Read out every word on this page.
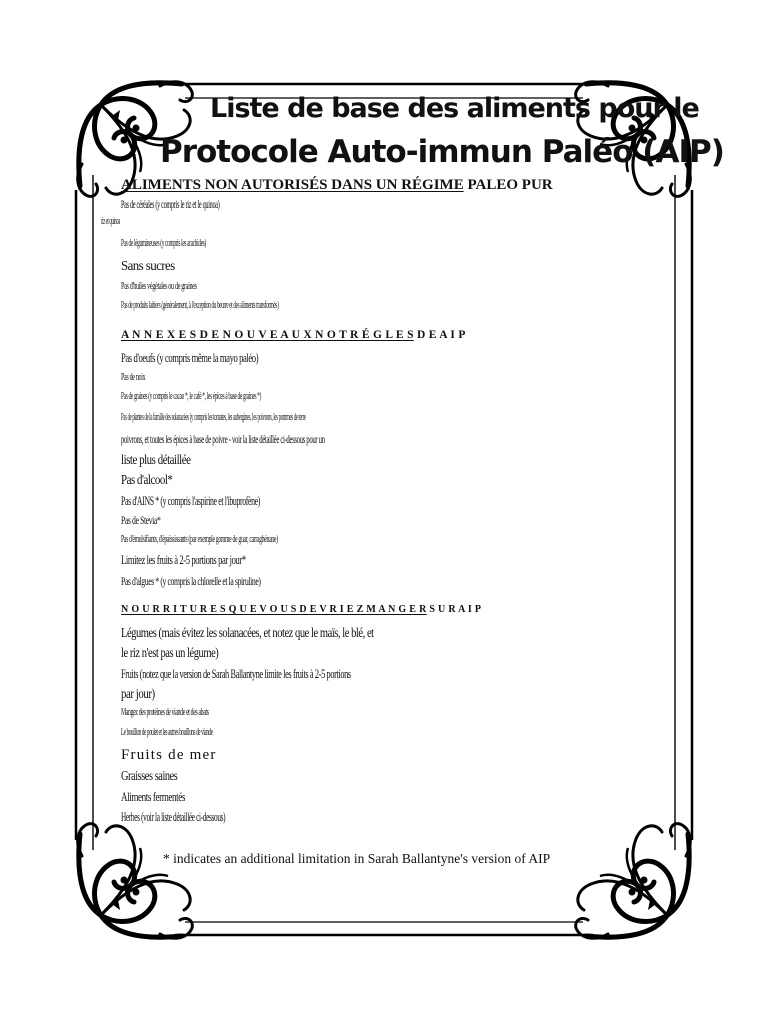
Liste de base des aliments pour le
Protocole Auto-immun Paléo (AIP)
ALIMENTS NON AUTORISÉS DANS UN RÉGIME PALEO PUR
Pas de céréales (y compris le riz et le quinoa)
riz et quinoa
Pas de légumineuses (y compris les arachides)
Sans sucres
Pas d'huiles végétales ou de graines
Pas de produits laitiers (généralement, à l'exception du beurre et des aliments transformés)
A N N E X E S D E N O U V E A U X N O T R É G L E S D E A I P
Pas d'oeufs (y compris même la mayo paléo)
Pas de noix
Pas de graines (y compris le cacao *, le café *, les épices à base de graines *)
Pas de plantes de la famille des solanacées (y compris les tomates, les aubergines, les poivrons, les pommes de terre
poivrons, et toutes les épices à base de poivre - voir la liste détaillée ci-dessous pour un
liste plus détaillée
Pas d'alcool*
Pas d'AINS * (y compris l'aspirine et l'ibuprofène)
Pas de Stevia*
Pas d'émulsifiants, d'épaississants (par exemple gomme de guar, carraghénane)
Limitez les fruits à 2-5 portions par jour*
Pas d'algues * (y compris la chlorelle et la spiruline)
N O U R R I T U R E S Q U E V O U S D E V R I E Z M A N G E R S U R A I P
Légumes (mais évitez les solanacées, et notez que le maïs, le blé, et
le riz n'est pas un légume)
Fruits (notez que la version de Sarah Ballantyne limite les fruits à 2-5 portions
par jour)
Mangez des protéines de viande et des abats
Le bouillon de poulet et les autres bouillons de viande
Fruits de mer
Graisses saines
Aliments fermentés
Herbes (voir la liste détaillée ci-dessous)
* indicates an additional limitation in Sarah Ballantyne's version of AIP
